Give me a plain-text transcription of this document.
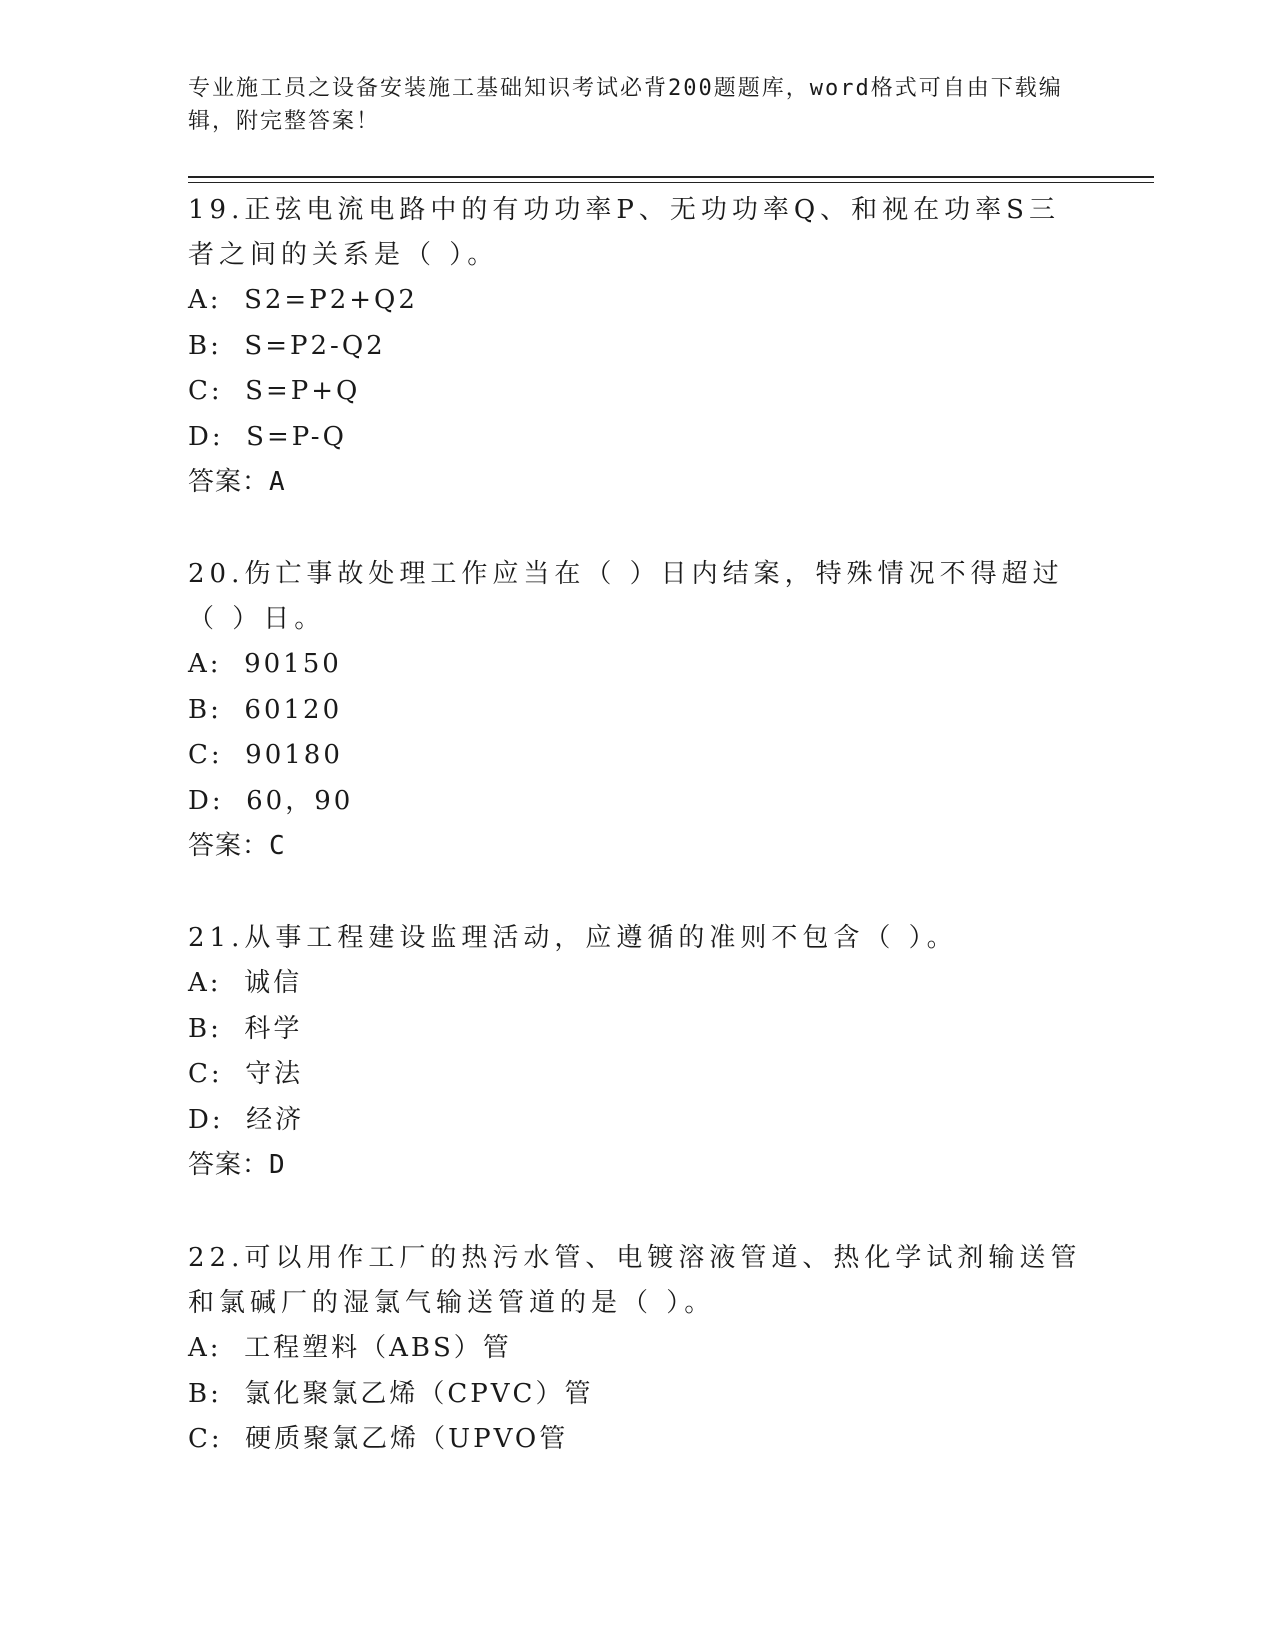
专业施工员之设备安装施工基础知识考试必背200题题库，word格式可自由下载编辑，附完整答案！

19.正弦电流电路中的有功功率P、无功功率Q、和视在功率S三者之间的关系是（ ）。

A:  S2=P2+Q2

B:  S=P2-Q2

C:  S=P+Q

D:  S=P-Q

答案：A

20.伤亡事故处理工作应当在（ ）日内结案，特殊情况不得超过（ ）日。

A:  90150

B:  60120

C:  90180

D:  60，90

答案：C

21.从事工程建设监理活动，应遵循的准则不包含（ ）。

A:  诚信

B:  科学

C:  守法

D:  经济

答案：D

22.可以用作工厂的热污水管、电镀溶液管道、热化学试剂输送管和氯碱厂的湿氯气输送管道的是（ ）。

A:  工程塑料（ABS）管

B:  氯化聚氯乙烯（CPVC）管

C:  硬质聚氯乙烯（UPVO管
